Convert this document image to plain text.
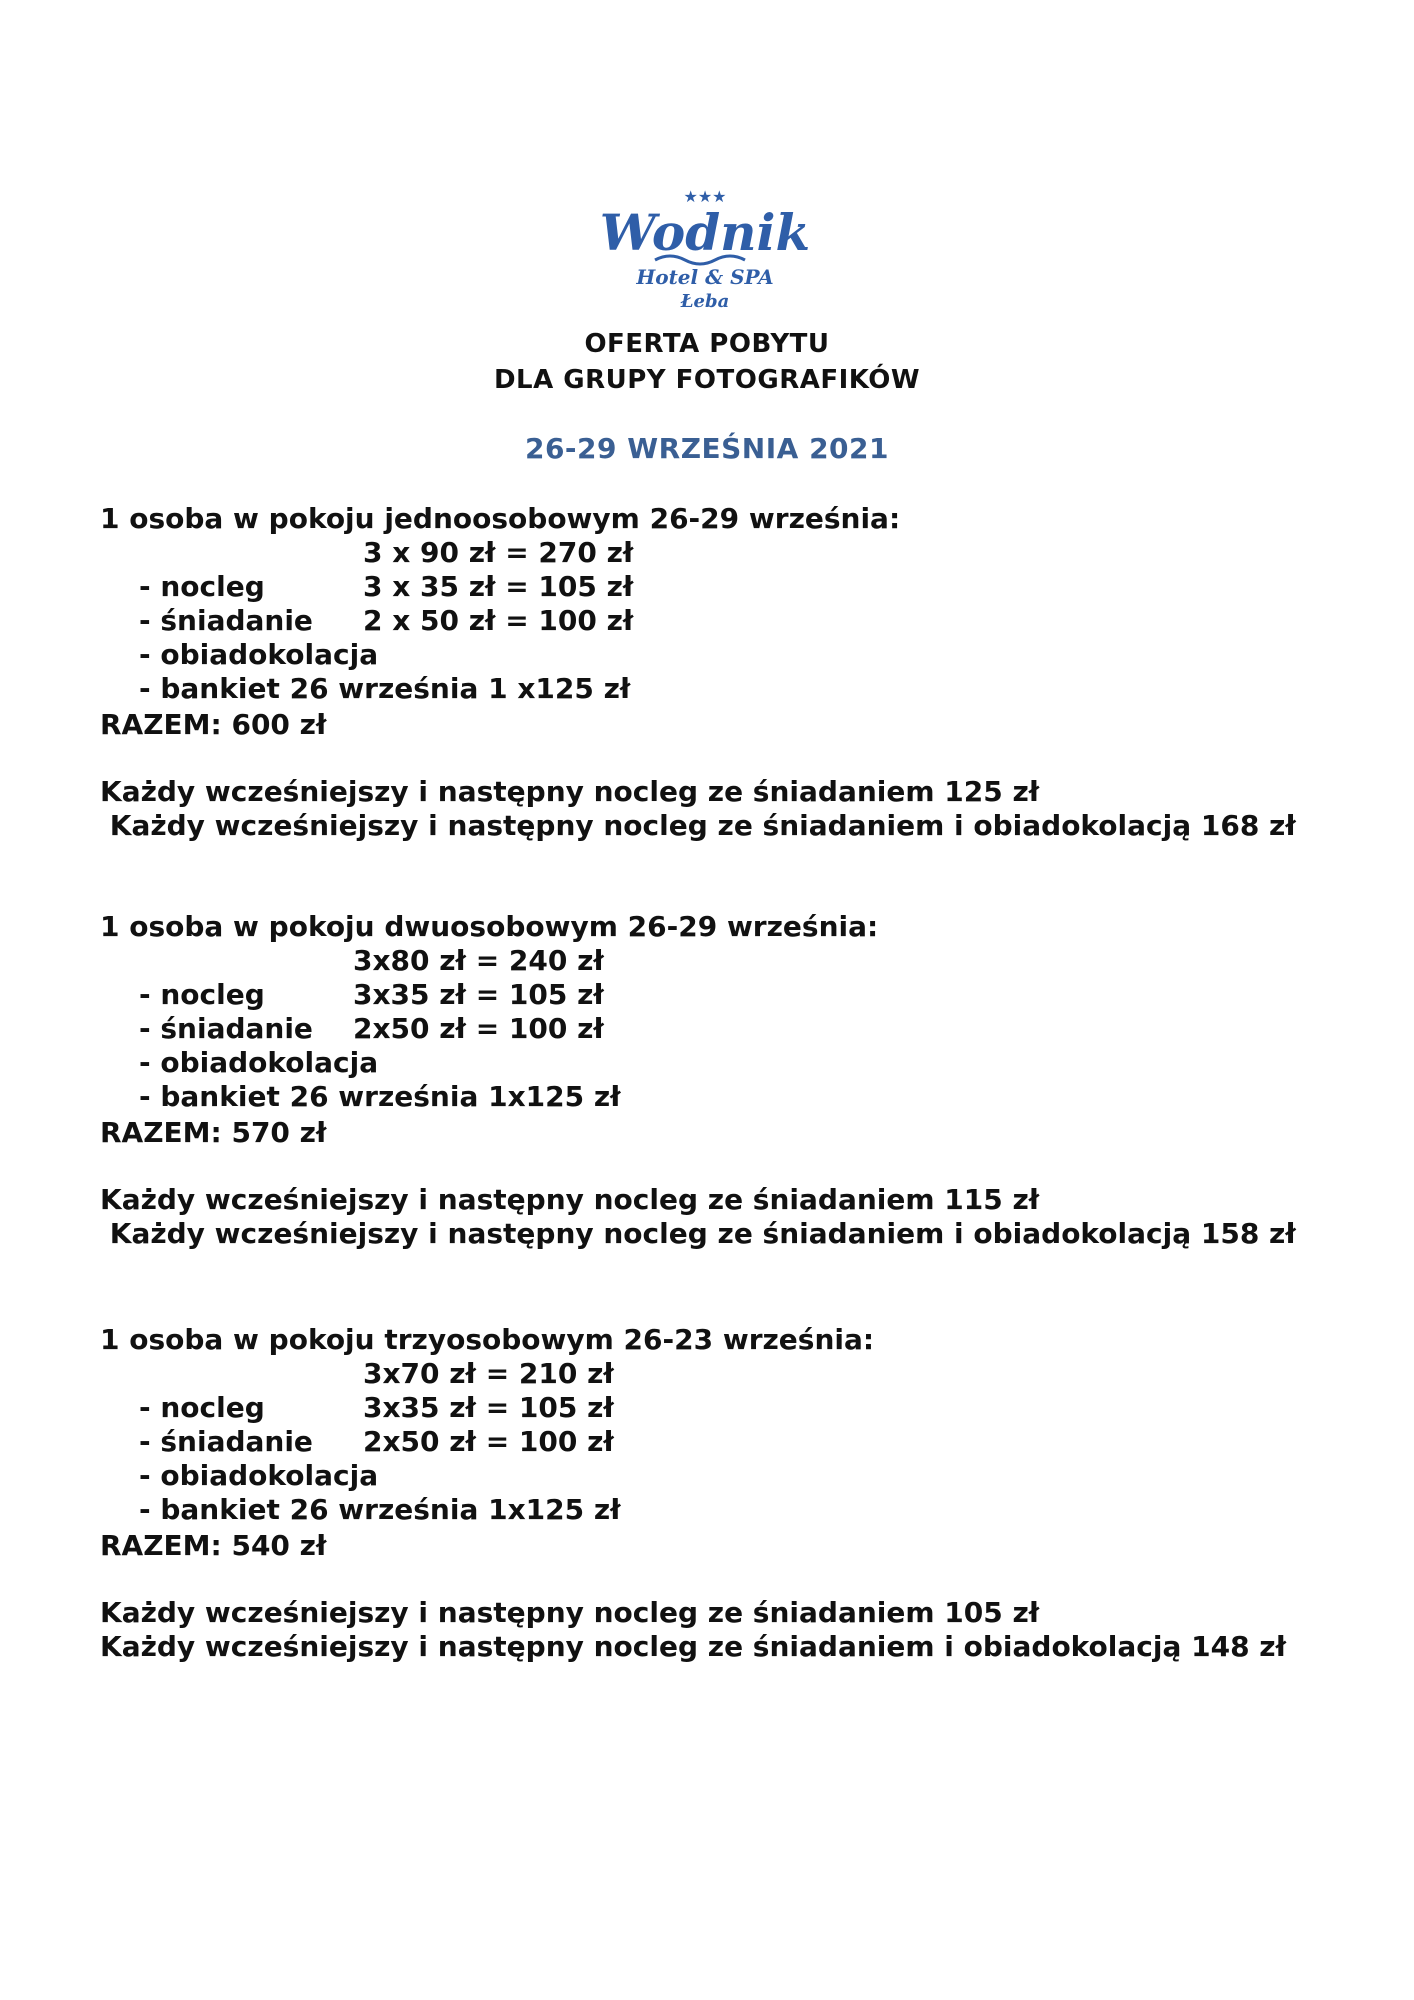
★★★
Wodnik
Hotel & SPA
Łeba
OFERTA POBYTU
DLA GRUPY FOTOGRAFIKÓW
26-29 WRZEŚNIA 2021
1 osoba w pokoju jednoosobowym 26-29 września:

- nocleg

3 x 90 zł = 270 zł

- śniadanie

3 x 35 zł = 105 zł

- obiadokolacja

2 x 50 zł = 100 zł

- bankiet 26 września 1 x125 zł

RAZEM: 600 zł
Każdy wcześniejszy i następny nocleg ze śniadaniem 125 zł
Każdy wcześniejszy i następny nocleg ze śniadaniem i obiadokolacją 168 zł
1 osoba w pokoju dwuosobowym 26-29 września:

- nocleg

3x80 zł = 240 zł

- śniadanie

3x35 zł = 105 zł

- obiadokolacja

2x50 zł = 100 zł

- bankiet 26 września 1x125 zł

RAZEM: 570 zł
Każdy wcześniejszy i następny nocleg ze śniadaniem 115 zł
Każdy wcześniejszy i następny nocleg ze śniadaniem i obiadokolacją 158 zł
1 osoba w pokoju trzyosobowym 26-23 września:

- nocleg

3x70 zł = 210 zł

- śniadanie

3x35 zł = 105 zł

- obiadokolacja

2x50 zł = 100 zł

- bankiet 26 września 1x125 zł

RAZEM: 540 zł
Każdy wcześniejszy i następny nocleg ze śniadaniem 105 zł
Każdy wcześniejszy i następny nocleg ze śniadaniem i obiadokolacją 148 zł
